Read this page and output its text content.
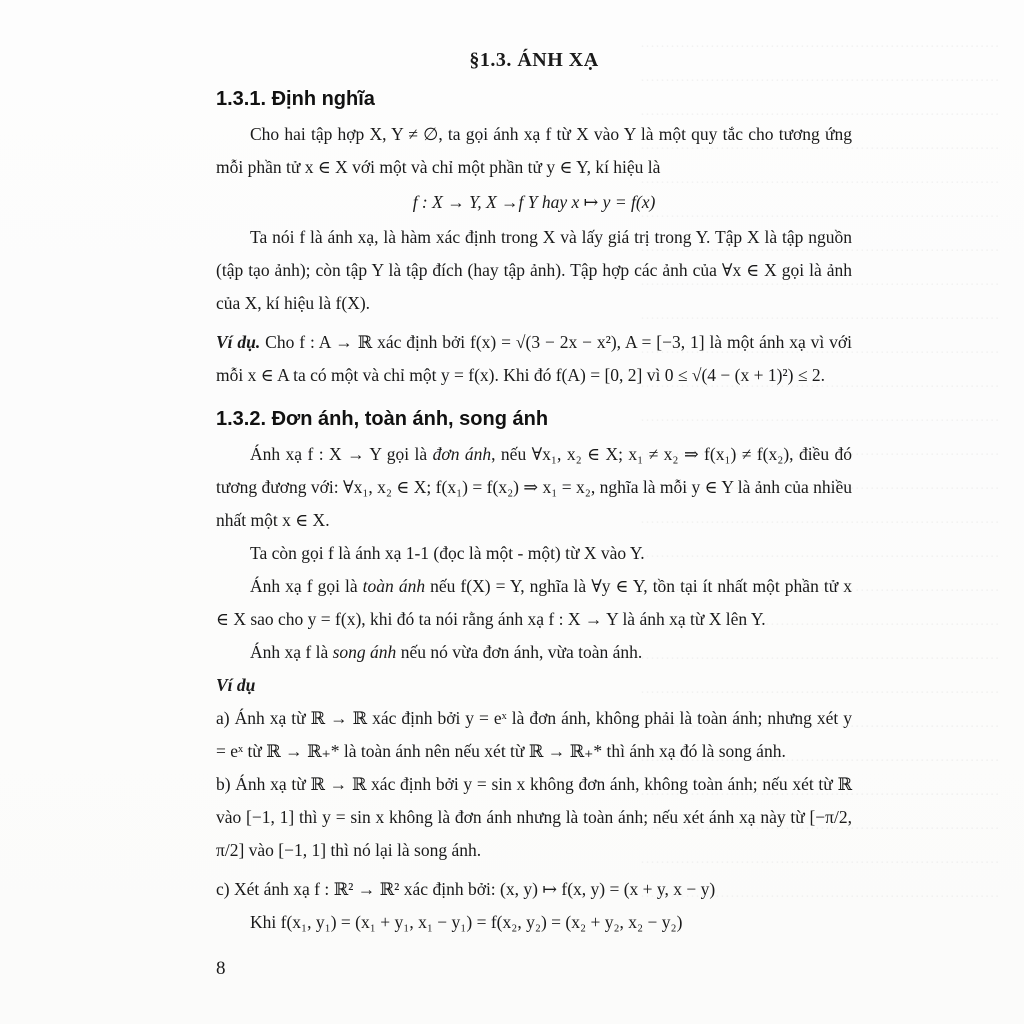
§1.3. ÁNH XẠ
1.3.1. Định nghĩa

Cho hai tập hợp X, Y ≠ ∅, ta gọi ánh xạ f từ X vào Y là một quy tắc cho tương ứng mỗi phần tử x ∈ X với một và chỉ một phần tử y ∈ Y, kí hiệu là

f : X → Y, X →f Y hay x ↦ y = f(x)

Ta nói f là ánh xạ, là hàm xác định trong X và lấy giá trị trong Y. Tập X là tập nguồn (tập tạo ảnh); còn tập Y là tập đích (hay tập ảnh). Tập hợp các ảnh của ∀x ∈ X gọi là ảnh của X, kí hiệu là f(X).

Ví dụ. Cho f : A → ℝ xác định bởi f(x) = √(3 − 2x − x²), A = [−3, 1] là một ánh xạ vì với mỗi x ∈ A ta có một và chỉ một y = f(x). Khi đó f(A) = [0, 2] vì 0 ≤ √(4 − (x + 1)²) ≤ 2.

1.3.2. Đơn ánh, toàn ánh, song ánh

Ánh xạ f : X → Y gọi là đơn ánh, nếu ∀x₁, x₂ ∈ X; x₁ ≠ x₂ ⇒ f(x₁) ≠ f(x₂), điều đó tương đương với: ∀x₁, x₂ ∈ X; f(x₁) = f(x₂) ⇒ x₁ = x₂, nghĩa là mỗi y ∈ Y là ảnh của nhiều nhất một x ∈ X.

Ta còn gọi f là ánh xạ 1-1 (đọc là một - một) từ X vào Y.

Ánh xạ f gọi là toàn ánh nếu f(X) = Y, nghĩa là ∀y ∈ Y, tồn tại ít nhất một phần tử x ∈ X sao cho y = f(x), khi đó ta nói rằng ánh xạ f : X → Y là ánh xạ từ X lên Y.

Ánh xạ f là song ánh nếu nó vừa đơn ánh, vừa toàn ánh.

Ví dụ

a) Ánh xạ từ ℝ → ℝ xác định bởi y = eˣ là đơn ánh, không phải là toàn ánh; nhưng xét y = eˣ từ ℝ → ℝ₊* là toàn ánh nên nếu xét từ ℝ → ℝ₊* thì ánh xạ đó là song ánh.

b) Ánh xạ từ ℝ → ℝ xác định bởi y = sin x không đơn ánh, không toàn ánh; nếu xét từ ℝ vào [−1, 1] thì y = sin x không là đơn ánh nhưng là toàn ánh; nếu xét ánh xạ này từ [−π/2, π/2] vào [−1, 1] thì nó lại là song ánh.

c) Xét ánh xạ f : ℝ² → ℝ² xác định bởi: (x, y) ↦ f(x, y) = (x + y, x − y)

Khi f(x₁, y₁) = (x₁ + y₁, x₁ − y₁) = f(x₂, y₂) = (x₂ + y₂, x₂ − y₂)

8
